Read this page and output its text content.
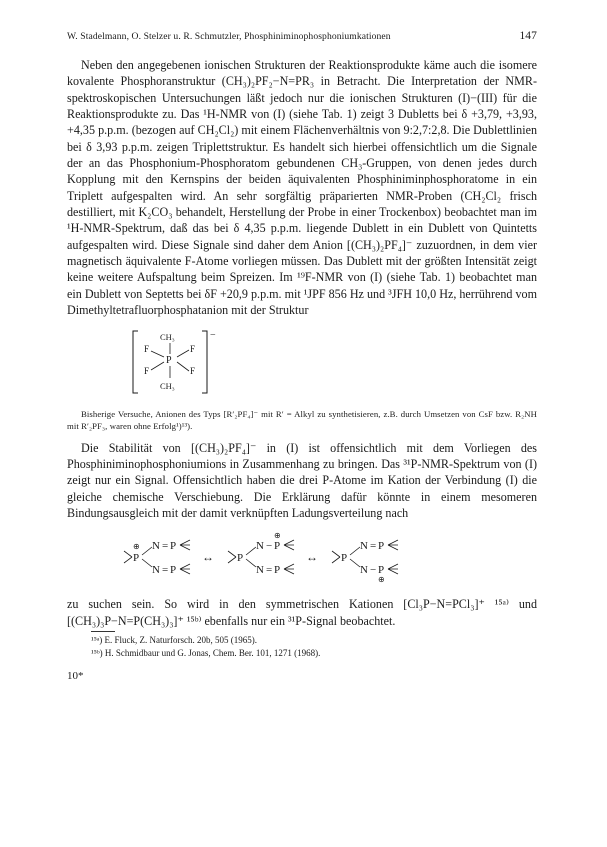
W. Stadelmann, O. Stelzer u. R. Schmutzler, Phosphiniminophosphoniumkationen	147

Neben den angegebenen ionischen Strukturen der Reaktionsprodukte käme auch die isomere kovalente Phosphoranstruktur (CH₃)₂PF₂−N=PR₃ in Betracht. Die Interpretation der NMR-spektroskopischen Untersuchungen läßt jedoch nur die ionischen Strukturen (I)−(III) für die Reaktionsprodukte zu. Das ¹H-NMR von (I) (siehe Tab. 1) zeigt 3 Dubletts bei δ +3,79, +3,93, +4,35 p.p.m. (bezogen auf CH₂Cl₂) mit einem Flächenverhältnis von 9:2,7:2,8. Die Dublettlinien bei δ 3,93 p.p.m. zeigen Triplettstruktur. Es handelt sich hierbei offensichtlich um die Signale der an das Phosphonium-Phosphoratom gebundenen CH₃-Gruppen, von denen jedes durch Kopplung mit den Kernspins der beiden äquivalenten Phosphiniminphosphoratome in ein Triplett aufgespalten wird. An sehr sorgfältig präparierten NMR-Proben (CH₂Cl₂ frisch destilliert, mit K₂CO₃ behandelt, Herstellung der Probe in einer Trockenbox) beobachtet man im ¹H-NMR-Spektrum, daß das bei δ 4,35 p.p.m. liegende Dublett in ein Dublett von Quintetts aufgespalten wird. Diese Signale sind daher dem Anion [(CH₃)₂PF₄]⁻ zuzuordnen, in dem vier magnetisch äquivalente F-Atome vorliegen müssen. Das Dublett mit der größten Intensität zeigt keine weitere Aufspaltung beim Spreizen. Im ¹⁹F-NMR von (I) (siehe Tab. 1) beobachtet man ein Dublett von Septetts bei δF +20,9 p.p.m. mit ¹JPF 856 Hz und ³JFH 10,0 Hz, herrührend vom Dimethyltetrafluorphosphatanion mit der Struktur

−
CH₃
P
CH₃
F	F
F	F

Bisherige Versuche, Anionen des Typs [R′₂PF₄]⁻ mit R′ = Alkyl zu synthetisieren, z.B. durch Umsetzen von CsF bzw. R₂NH mit R′₂PF₃, waren ohne Erfolg¹)¹³).

Die Stabilität von [(CH₃)₂PF₄]⁻ in (I) ist offensichtlich mit dem Vorliegen des Phosphiniminophosphoniumions in Zusammenhang zu bringen. Das ³¹P-NMR-Spektrum von (I) zeigt nur ein Signal. Offensichtlich haben die drei P-Atome im Kation der Verbindung (I) die gleiche chemische Verschiebung. Die Erklärung dafür könnte in einem mesomeren Bindungsausgleich mit der damit verknüpften Ladungsverteilung nach

P
⊕ N = P
N = P
↔ P
N − P
⊕
N = P
↔ P
N = P
N − P
⊕

zu suchen sein. So wird in den symmetrischen Kationen [Cl₃P−N=PCl₃]⁺ ¹⁵ᵃ⁾ und [(CH₃)₃P−N=P(CH₃)₃]⁺ ¹⁵ᵇ⁾ ebenfalls nur ein ³¹P-Signal beobachtet.

¹⁵ᵃ) E. Fluck, Z. Naturforsch. 20b, 505 (1965).
¹⁵ᵇ) H. Schmidbaur und G. Jonas, Chem. Ber. 101, 1271 (1968).
10*
